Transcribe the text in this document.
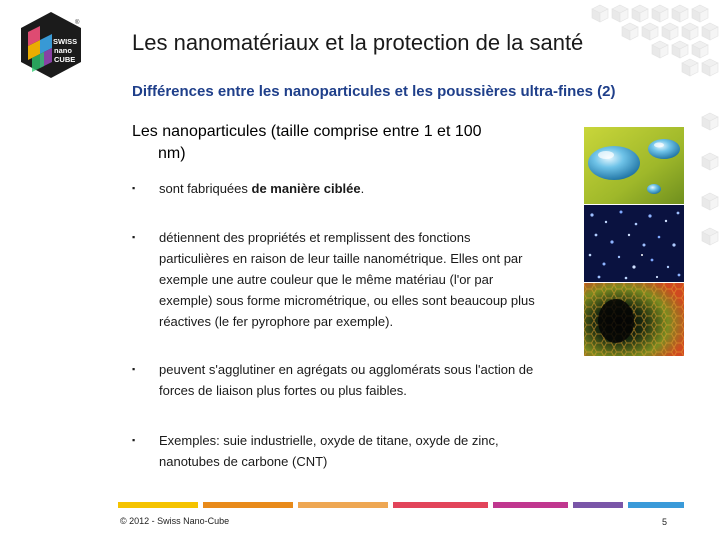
SWISS
nano
CUBE
®
Les nanomatériaux et la protection de la santé
Différences entre les nanoparticules et les poussières ultra-fines (2)
Les nanoparticules (taille comprise entre 1 et 100
nm)
▪ sont fabriquées de manière ciblée.
▪ détiennent des propriétés et remplissent des fonctions
particulières en raison de leur taille nanométrique. Elles ont par
exemple une autre couleur que le même matériau (l'or par
exemple) sous forme micrométrique, ou elles sont beaucoup plus
réactives (le fer pyrophore par exemple).
▪ peuvent s'agglutiner en agrégats ou agglomérats sous l'action de
forces de liaison plus fortes ou plus faibles.
▪ Exemples: suie industrielle, oxyde de titane, oxyde de zinc,
nanotubes de carbone (CNT)
© 2012 - Swiss Nano-Cube	5
